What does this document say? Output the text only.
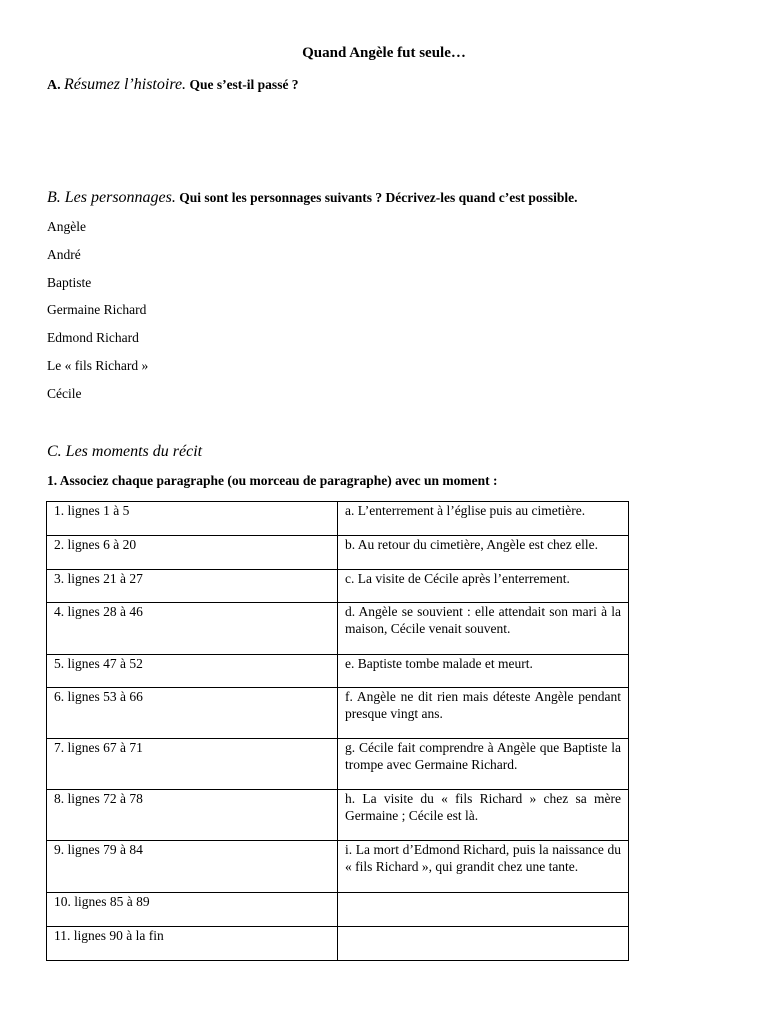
Quand Angèle fut seule…
A. Résumez l’histoire. Que s’est-il passé ?
B. Les personnages. Qui sont les personnages suivants ? Décrivez-les quand c’est possible.
Angèle
André
Baptiste
Germaine Richard
Edmond Richard
Le « fils Richard »
Cécile
C. Les moments du récit
1. Associez chaque paragraphe (ou morceau de paragraphe) avec un moment :
1. lignes 1 à 5	a. L’enterrement à l’église puis au cimetière.
2. lignes 6 à 20	b. Au retour du cimetière, Angèle est chez elle.
3. lignes 21 à 27	c. La visite de Cécile après l’enterrement.
4. lignes 28 à 46	d. Angèle se souvient : elle attendait son mari à la maison, Cécile venait souvent.
5. lignes 47 à 52	e. Baptiste tombe malade et meurt.
6. lignes 53 à 66	f. Angèle ne dit rien mais déteste Angèle pendant presque vingt ans.
7. lignes 67 à 71	g. Cécile fait comprendre à Angèle que Baptiste la trompe avec Germaine Richard.
8. lignes 72 à 78	h. La visite du « fils Richard » chez sa mère Germaine ; Cécile est là.
9. lignes 79 à 84	i. La mort d’Edmond Richard, puis la naissance du « fils Richard », qui grandit chez une tante.
10. lignes 85 à 89	
11. lignes 90 à la fin	
